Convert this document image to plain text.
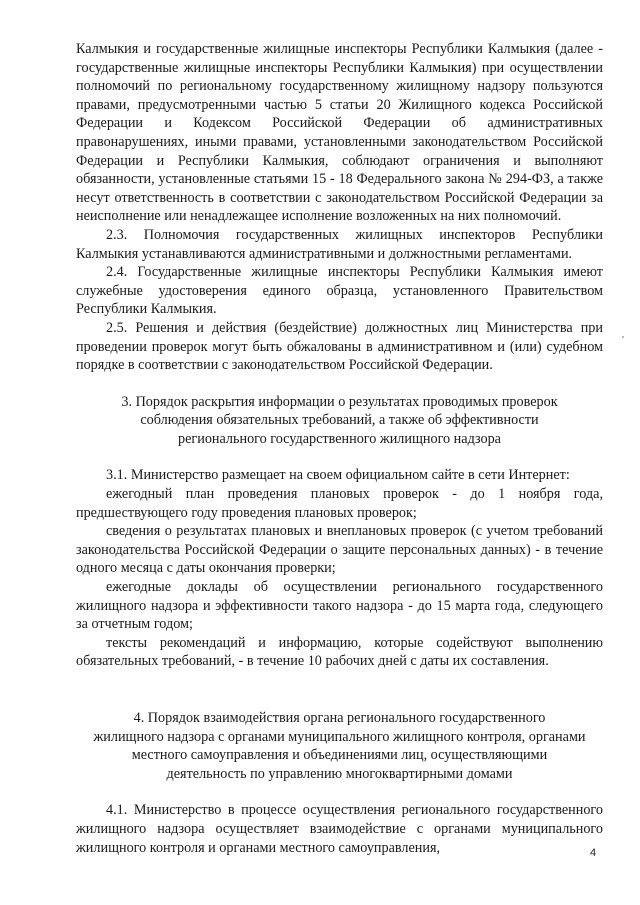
Калмыкия и государственные жилищные инспекторы Республики Калмыкия (далее - государственные жилищные инспекторы Республики Калмыкия) при осуществлении полномочий по региональному государственному жилищному надзору пользуются правами, предусмотренными частью 5 статьи 20 Жилищного кодекса Российской Федерации и Кодексом Российской Федерации об административных правонарушениях, иными правами, установленными законодательством Российской Федерации и Республики Калмыкия, соблюдают ограничения и выполняют обязанности, установленные статьями 15 - 18 Федерального закона № 294-ФЗ, а также несут ответственность в соответствии с законодательством Российской Федерации за неисполнение или ненадлежащее исполнение возложенных на них полномочий.

2.3. Полномочия государственных жилищных инспекторов Республики Калмыкия устанавливаются административными и должностными регламентами.

2.4. Государственные жилищные инспекторы Республики Калмыкия имеют служебные удостоверения единого образца, установленного Правительством Республики Калмыкия.

2.5. Решения и действия (бездействие) должностных лиц Министерства при проведении проверок могут быть обжалованы в административном и (или) судебном порядке в соответствии с законодательством Российской Федерации.

3. Порядок раскрытия информации о результатах проводимых проверок

соблюдения обязательных требований, а также об эффективности

регионального государственного жилищного надзора

3.1. Министерство размещает на своем официальном сайте в сети Интернет:

ежегодный план проведения плановых проверок - до 1 ноября года, предшествующего году проведения плановых проверок;

сведения о результатах плановых и внеплановых проверок (с учетом требований законодательства Российской Федерации о защите персональных данных) - в течение одного месяца с даты окончания проверки;

ежегодные доклады об осуществлении регионального государственного жилищного надзора и эффективности такого надзора - до 15 марта года, следующего за отчетным годом;

тексты рекомендаций и информацию, которые содействуют выполнению обязательных требований, - в течение 10 рабочих дней с даты их составления.

4. Порядок взаимодействия органа регионального государственного

жилищного надзора с органами муниципального жилищного контроля, органами

местного самоуправления и объединениями лиц, осуществляющими

деятельность по управлению многоквартирными домами

4.1. Министерство в процессе осуществления регионального государственного жилищного надзора осуществляет взаимодействие с органами муниципального жилищного контроля и органами местного самоуправления,	4
